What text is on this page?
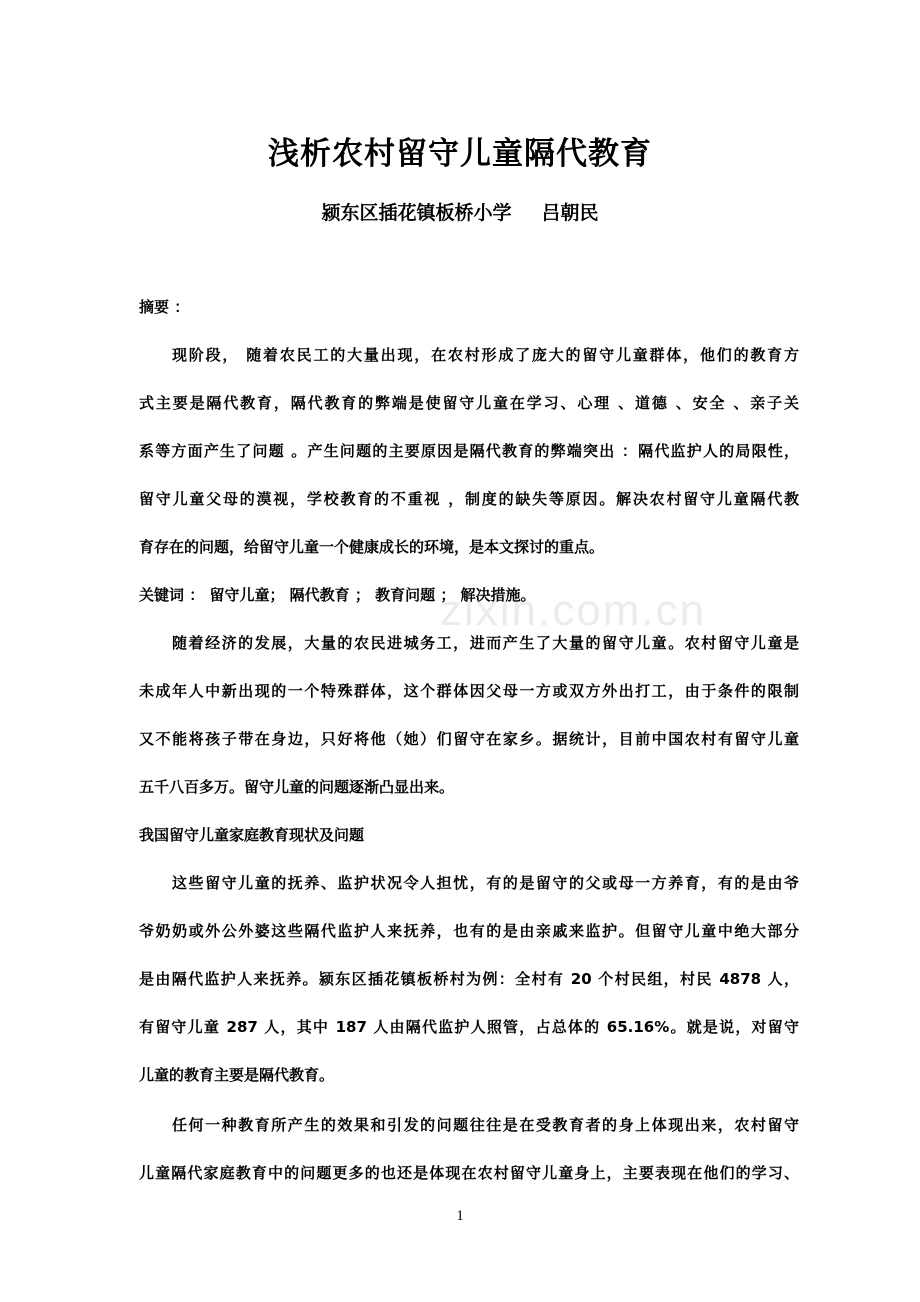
浅析农村留守儿童隔代教育
颍东区插花镇板桥小学 吕朝民
摘要 ：
现阶段， 随着农民工的大量出现，在农村形成了庞大的留守儿童群体，他们的教育方
式主要是隔代教育，隔代教育的弊端是使留守儿童在学习、心理 、道德 、安全 、亲子关
系等方面产生了问题 。产生问题的主要原因是隔代教育的弊端突出 ：隔代监护人的局限性，
留守儿童父母的漠视，学校教育的不重视 ，制度的缺失等原因。解决农村留守儿童隔代教
育存在的问题，给留守儿童一个健康成长的环境，是本文探讨的重点。
关键词 ： 留守儿童； 隔代教育 ； 教育问题 ； 解决措施。
zixin.com.cn
随着经济的发展，大量的农民进城务工，进而产生了大量的留守儿童。农村留守儿童是
未成年人中新出现的一个特殊群体，这个群体因父母一方或双方外出打工，由于条件的限制
又不能将孩子带在身边，只好将他（她）们留守在家乡。据统计，目前中国农村有留守儿童
五千八百多万。留守儿童的问题逐渐凸显出来。
我国留守儿童家庭教育现状及问题
这些留守儿童的抚养、监护状况令人担忧，有的是留守的父或母一方养育，有的是由爷
爷奶奶或外公外婆这些隔代监护人来抚养，也有的是由亲戚来监护。但留守儿童中绝大部分
是由隔代监护人来抚养。颍东区插花镇板桥村为例：全村有 20 个村民组，村民 4878 人，
有留守儿童 287 人，其中 187 人由隔代监护人照管，占总体的 65.16%。就是说，对留守
儿童的教育主要是隔代教育。
任何一种教育所产生的效果和引发的问题往往是在受教育者的身上体现出来，农村留守
儿童隔代家庭教育中的问题更多的也还是体现在农村留守儿童身上，主要表现在他们的学习、
1
